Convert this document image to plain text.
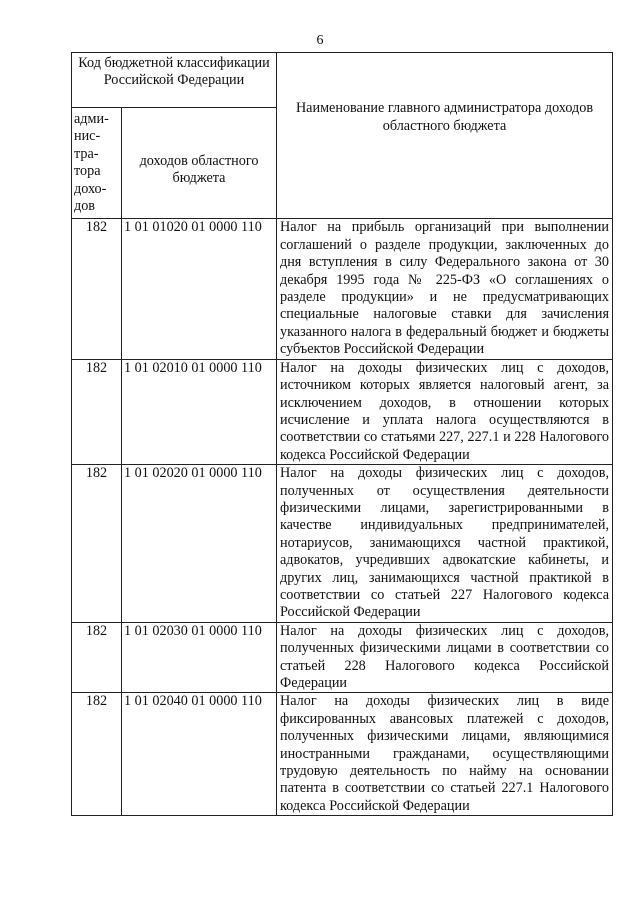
6
Код бюджетной классификации Российской Федерации		Наименование главного администратора доходов областного бюджета

адми-нис-тра-тора дохо-дов	доходов областного бюджета	

182	1 01 01020 01 0000 110	Налог на прибыль организаций при выполнении соглашений о разделе продукции, заключенных до дня вступления в силу Федерального закона от 30 декабря 1995 года № 225-ФЗ «О соглашениях о разделе продукции» и не предусматривающих специальные налоговые ставки для зачисления указанного налога в федеральный бюджет и бюджеты субъектов Российской Федерации
182	1 01 02010 01 0000 110	Налог на доходы физических лиц с доходов, источником которых является налоговый агент, за исключением доходов, в отношении которых исчисление и уплата налога осуществляются в соответствии со статьями 227, 227.1 и 228 Налогового кодекса Российской Федерации
182	1 01 02020 01 0000 110	Налог на доходы физических лиц с доходов, полученных от осуществления деятельности физическими лицами, зарегистрированными в качестве индивидуальных предпринимателей, нотариусов, занимающихся частной практикой, адвокатов, учредивших адвокатские кабинеты, и других лиц, занимающихся частной практикой в соответствии со статьей 227 Налогового кодекса Российской Федерации
182	1 01 02030 01 0000 110	Налог на доходы физических лиц с доходов, полученных физическими лицами в соответствии со статьей 228 Налогового кодекса Российской Федерации
182	1 01 02040 01 0000 110	Налог на доходы физических лиц в виде фиксированных авансовых платежей с доходов, полученных физическими лицами, являющимися иностранными гражданами, осуществляющими трудовую деятельность по найму на основании патента в соответствии со статьей 227.1 Налогового кодекса Российской Федерации
